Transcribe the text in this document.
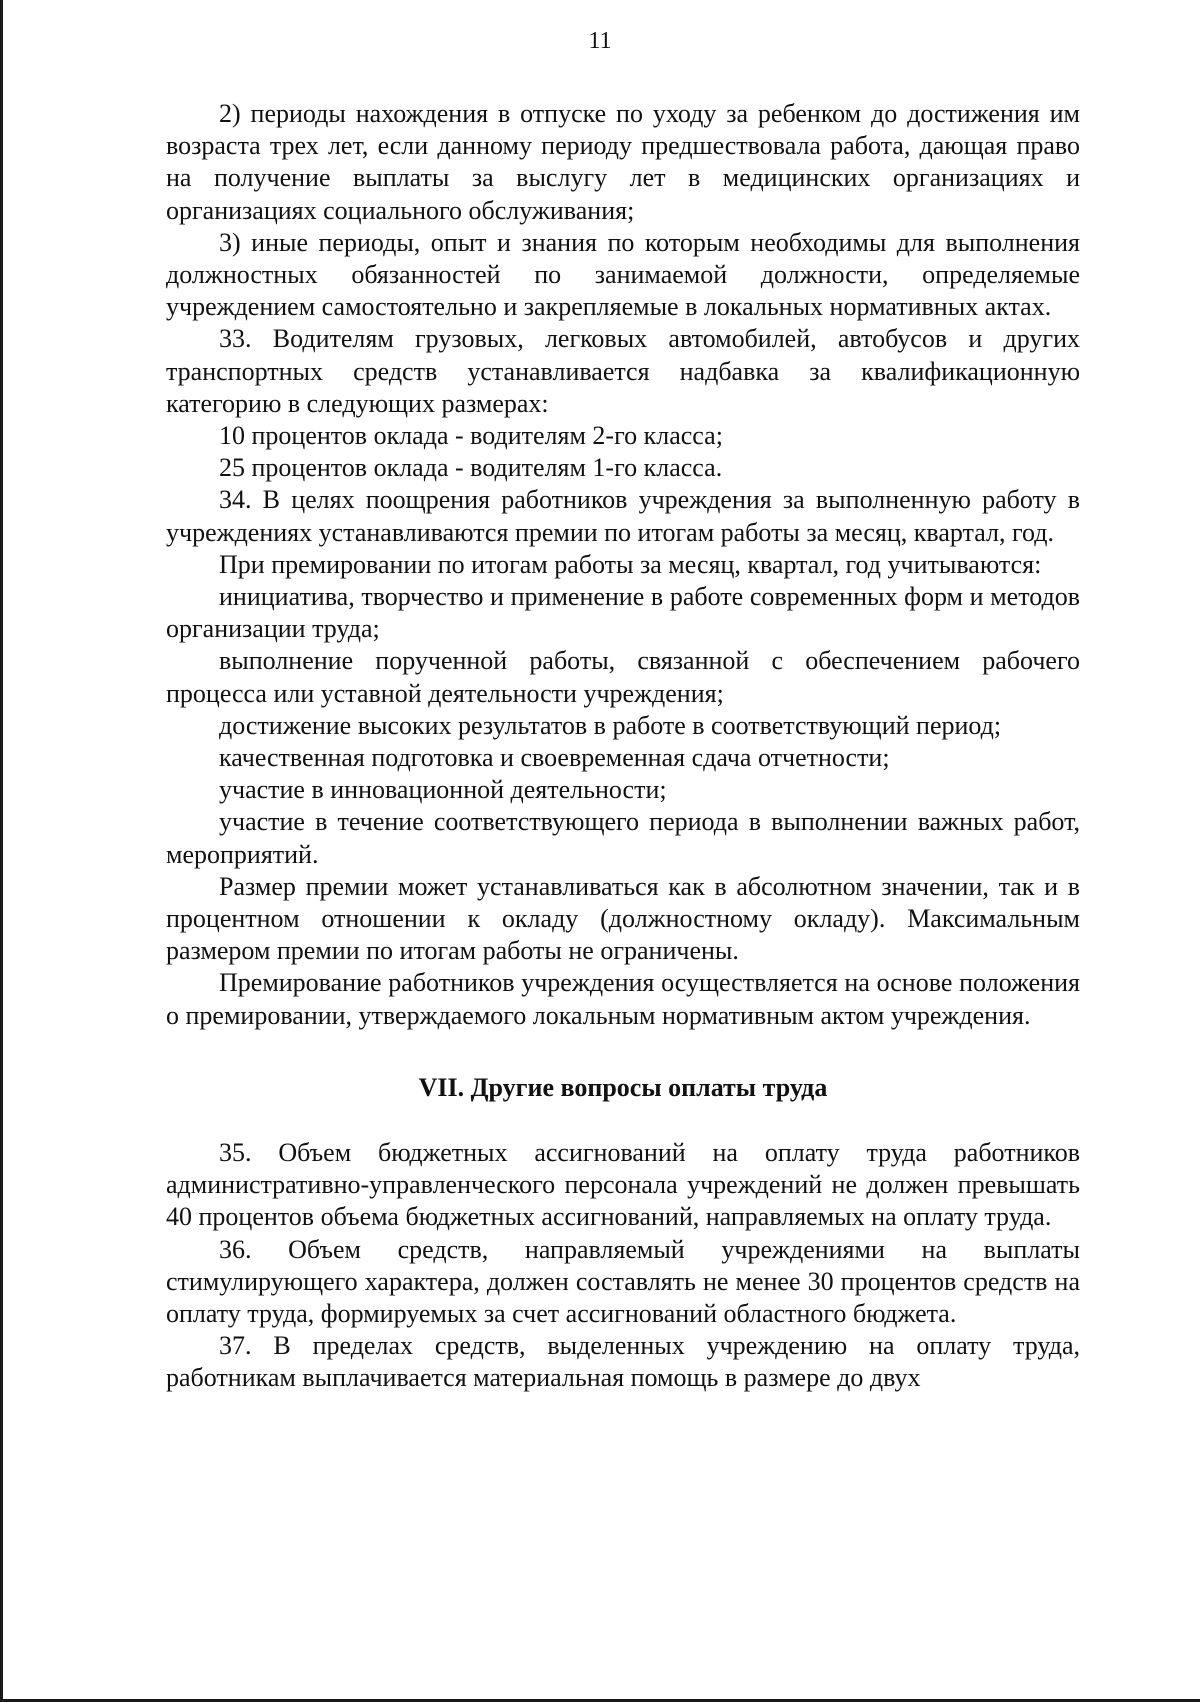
11

2) периоды нахождения в отпуске по уходу за ребенком до достижения им возраста трех лет, если данному периоду предшествовала работа, дающая право на получение выплаты за выслугу лет в медицинских организациях и организациях социального обслуживания;

3) иные периоды, опыт и знания по которым необходимы для выполнения должностных обязанностей по занимаемой должности, определяемые учреждением самостоятельно и закрепляемые в локальных нормативных актах.

33. Водителям грузовых, легковых автомобилей, автобусов и других транспортных средств устанавливается надбавка за квалификационную категорию в следующих размерах:

10 процентов оклада - водителям 2-го класса;

25 процентов оклада - водителям 1-го класса.

34. В целях поощрения работников учреждения за выполненную работу в учреждениях устанавливаются премии по итогам работы за месяц, квартал, год.

При премировании по итогам работы за месяц, квартал, год учитываются:

инициатива, творчество и применение в работе современных форм и методов организации труда;

выполнение порученной работы, связанной с обеспечением рабочего процесса или уставной деятельности учреждения;

достижение высоких результатов в работе в соответствующий период;

качественная подготовка и своевременная сдача отчетности;

участие в инновационной деятельности;

участие в течение соответствующего периода в выполнении важных работ, мероприятий.

Размер премии может устанавливаться как в абсолютном значении, так и в процентном отношении к окладу (должностному окладу). Максимальным размером премии по итогам работы не ограничены.

Премирование работников учреждения осуществляется на основе положения о премировании, утверждаемого локальным нормативным актом учреждения.

VII. Другие вопросы оплаты труда

35. Объем бюджетных ассигнований на оплату труда работников административно-управленческого персонала учреждений не должен превышать 40 процентов объема бюджетных ассигнований, направляемых на оплату труда.

36. Объем средств, направляемый учреждениями на выплаты стимулирующего характера, должен составлять не менее 30 процентов средств на оплату труда, формируемых за счет ассигнований областного бюджета.

37. В пределах средств, выделенных учреждению на оплату труда, работникам выплачивается материальная помощь в размере до двух
